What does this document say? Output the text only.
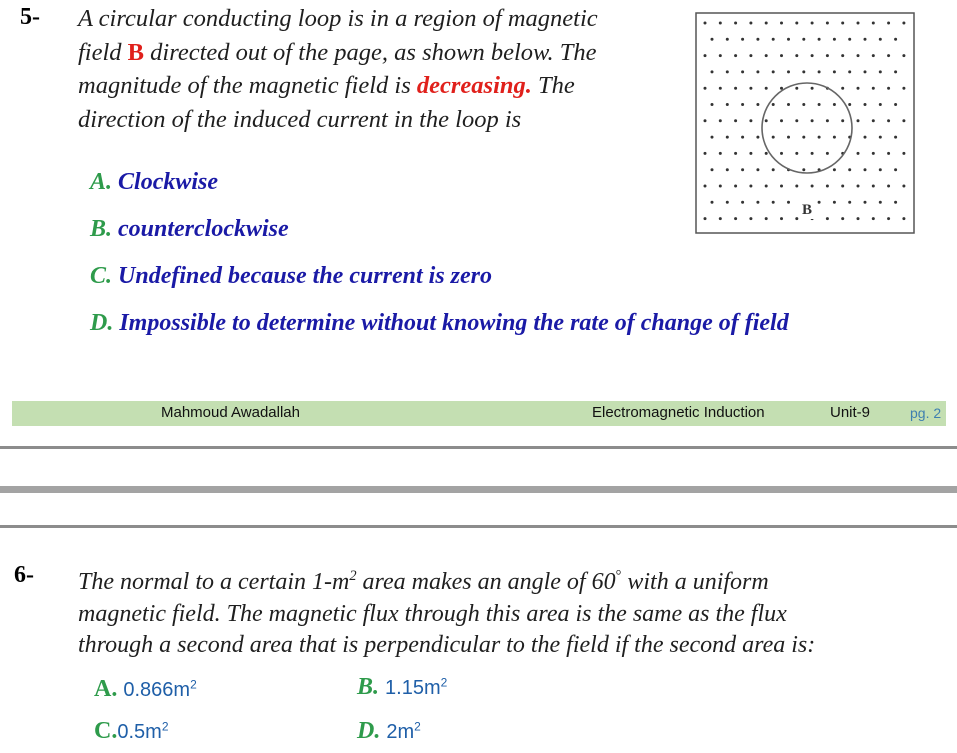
5- A circular conducting loop is in a region of magnetic
field B directed out of the page, as shown below. The
magnitude of the magnetic field is decreasing. The
direction of the induced current in the loop is
A. Clockwise
B. counterclockwise
C. Undefined because the current is zero
D. Impossible to determine without knowing the rate of change of field
B
Mahmoud Awadallah	Electromagnetic Induction	Unit-9	pg. 2
6- The normal to a certain $1-m^2$ area makes an angle of 60° with a uniform
magnetic field. The magnetic flux through this area is the same as the flux
through a second area that is perpendicular to the field if the second area is:
A. $0.866m^2$	B. $1.15m^2$
$C.0.5m^2$	D. $2m^2$
